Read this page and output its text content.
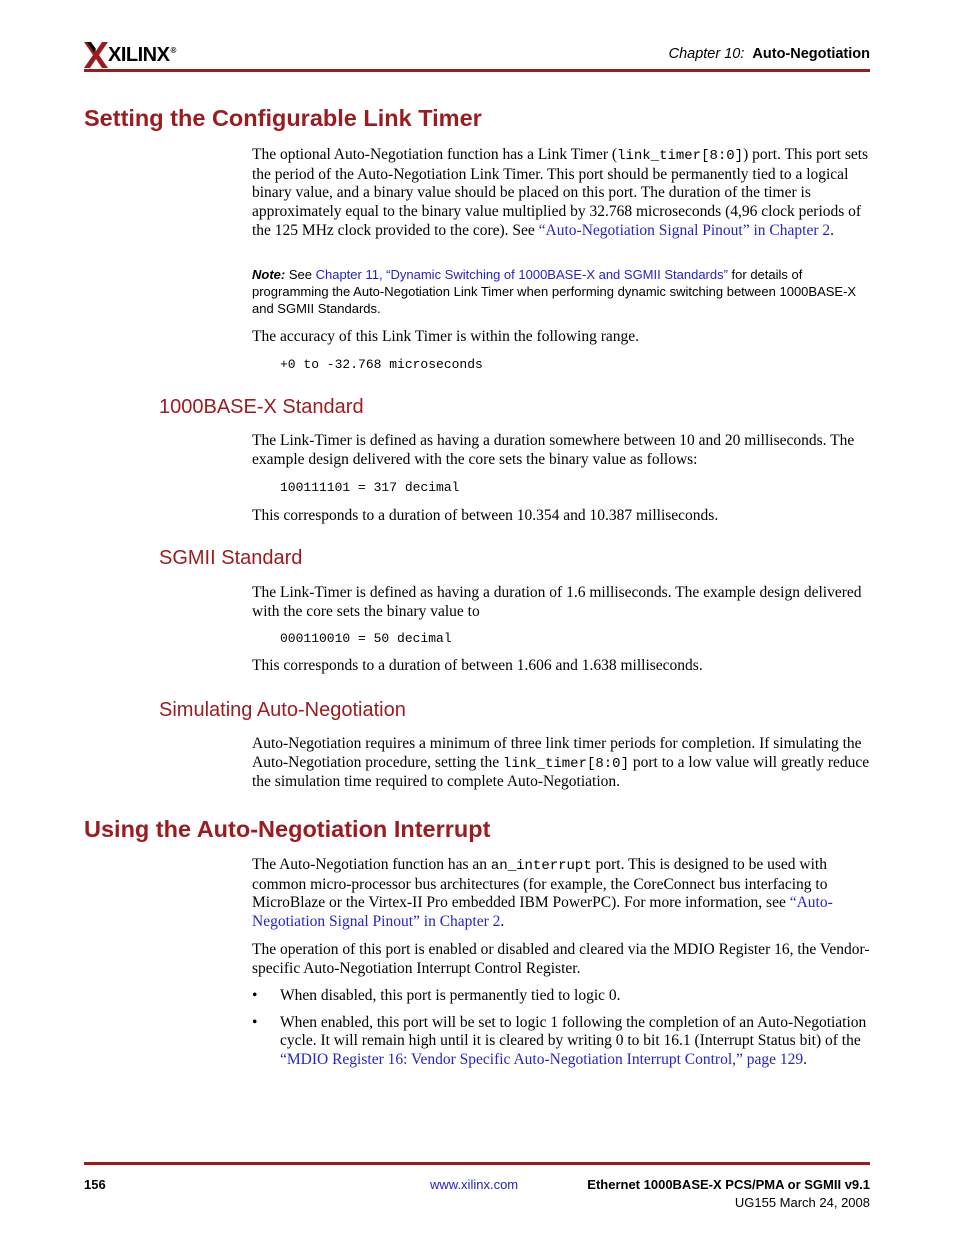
XILINX®	Chapter 10: Auto-Negotiation
Setting the Configurable Link Timer
The optional Auto-Negotiation function has a Link Timer (link_timer[8:0]) port. This port sets the period of the Auto-Negotiation Link Timer. This port should be permanently tied to a logical binary value, and a binary value should be placed on this port. The duration of the timer is approximately equal to the binary value multiplied by 32.768 microseconds (4,96 clock periods of the 125 MHz clock provided to the core). See “Auto-Negotiation Signal Pinout” in Chapter 2.
Note: See Chapter 11, “Dynamic Switching of 1000BASE-X and SGMII Standards” for details of programming the Auto-Negotiation Link Timer when performing dynamic switching between 1000BASE-X and SGMII Standards.
The accuracy of this Link Timer is within the following range.
+0 to -32.768 microseconds
1000BASE-X Standard
The Link-Timer is defined as having a duration somewhere between 10 and 20 milliseconds. The example design delivered with the core sets the binary value as follows:
100111101 = 317 decimal
This corresponds to a duration of between 10.354 and 10.387 milliseconds.
SGMII Standard
The Link-Timer is defined as having a duration of 1.6 milliseconds. The example design delivered with the core sets the binary value to
000110010 = 50 decimal
This corresponds to a duration of between 1.606 and 1.638 milliseconds.
Simulating Auto-Negotiation
Auto-Negotiation requires a minimum of three link timer periods for completion. If simulating the Auto-Negotiation procedure, setting the link_timer[8:0] port to a low value will greatly reduce the simulation time required to complete Auto-Negotiation.
Using the Auto-Negotiation Interrupt
The Auto-Negotiation function has an an_interrupt port. This is designed to be used with common micro-processor bus architectures (for example, the CoreConnect bus interfacing to MicroBlaze or the Virtex-II Pro embedded IBM PowerPC). For more information, see “Auto-Negotiation Signal Pinout” in Chapter 2.
The operation of this port is enabled or disabled and cleared via the MDIO Register 16, the Vendor-specific Auto-Negotiation Interrupt Control Register.
• When disabled, this port is permanently tied to logic 0.
• When enabled, this port will be set to logic 1 following the completion of an Auto-Negotiation cycle. It will remain high until it is cleared by writing 0 to bit 16.1 (Interrupt Status bit) of the “MDIO Register 16: Vendor Specific Auto-Negotiation Interrupt Control,” page 129.
156	www.xilinx.com	Ethernet 1000BASE-X PCS/PMA or SGMII v9.1
UG155 March 24, 2008
